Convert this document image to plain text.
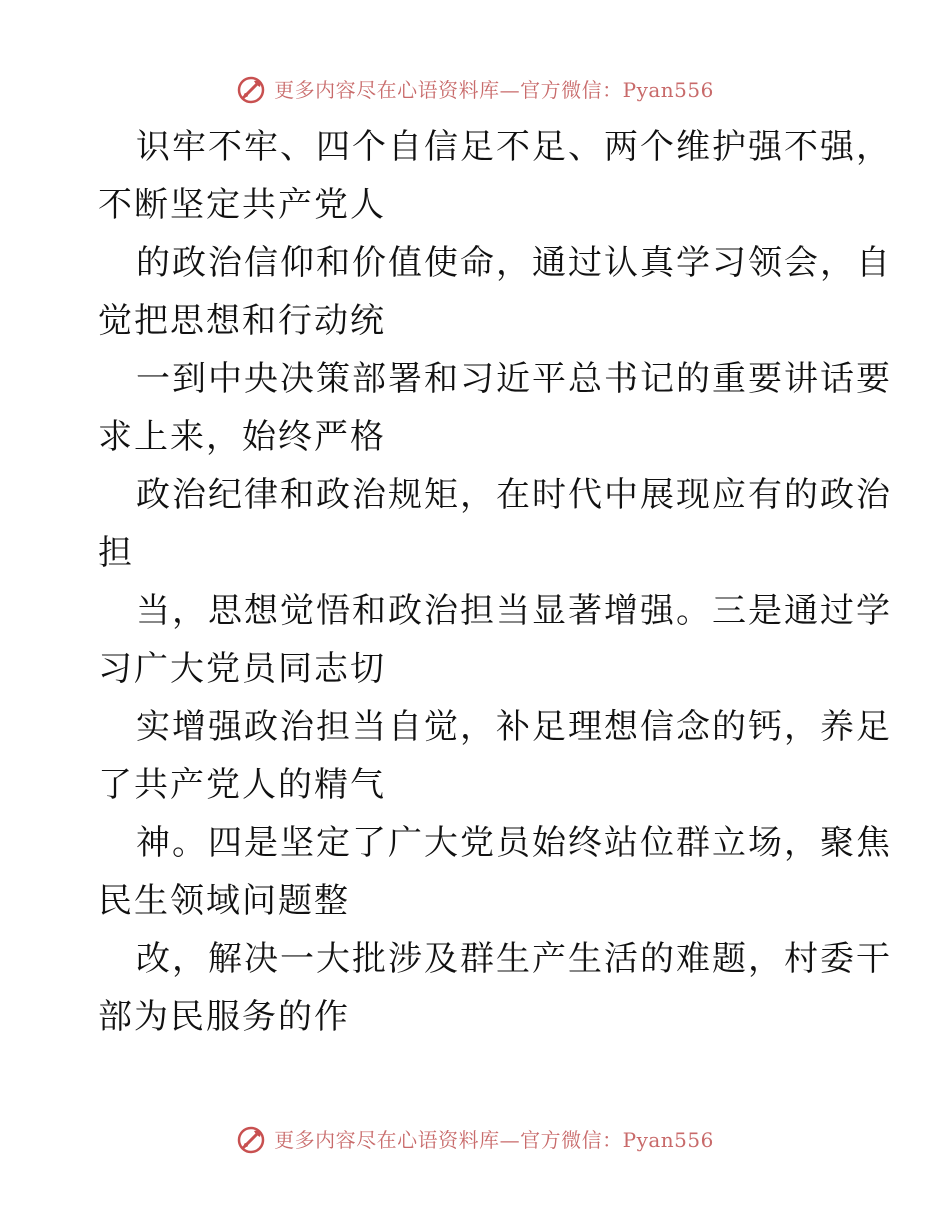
更多内容尽在心语资料库—官方微信：Pyan556
识牢不牢、四个自信足不足、两个维护强不强，
不断坚定共产党人
的政治信仰和价值使命，通过认真学习领会，自
觉把思想和行动统
一到中央决策部署和习近平总书记的重要讲话要
求上来，始终严格
政治纪律和政治规矩，在时代中展现应有的政治
担
当，思想觉悟和政治担当显著增强。三是通过学
习广大党员同志切
实增强政治担当自觉，补足理想信念的钙，养足
了共产党人的精气
神。四是坚定了广大党员始终站位群立场，聚焦
民生领域问题整
改，解决一大批涉及群生产生活的难题，村委干
部为民服务的作
更多内容尽在心语资料库—官方微信：Pyan556
